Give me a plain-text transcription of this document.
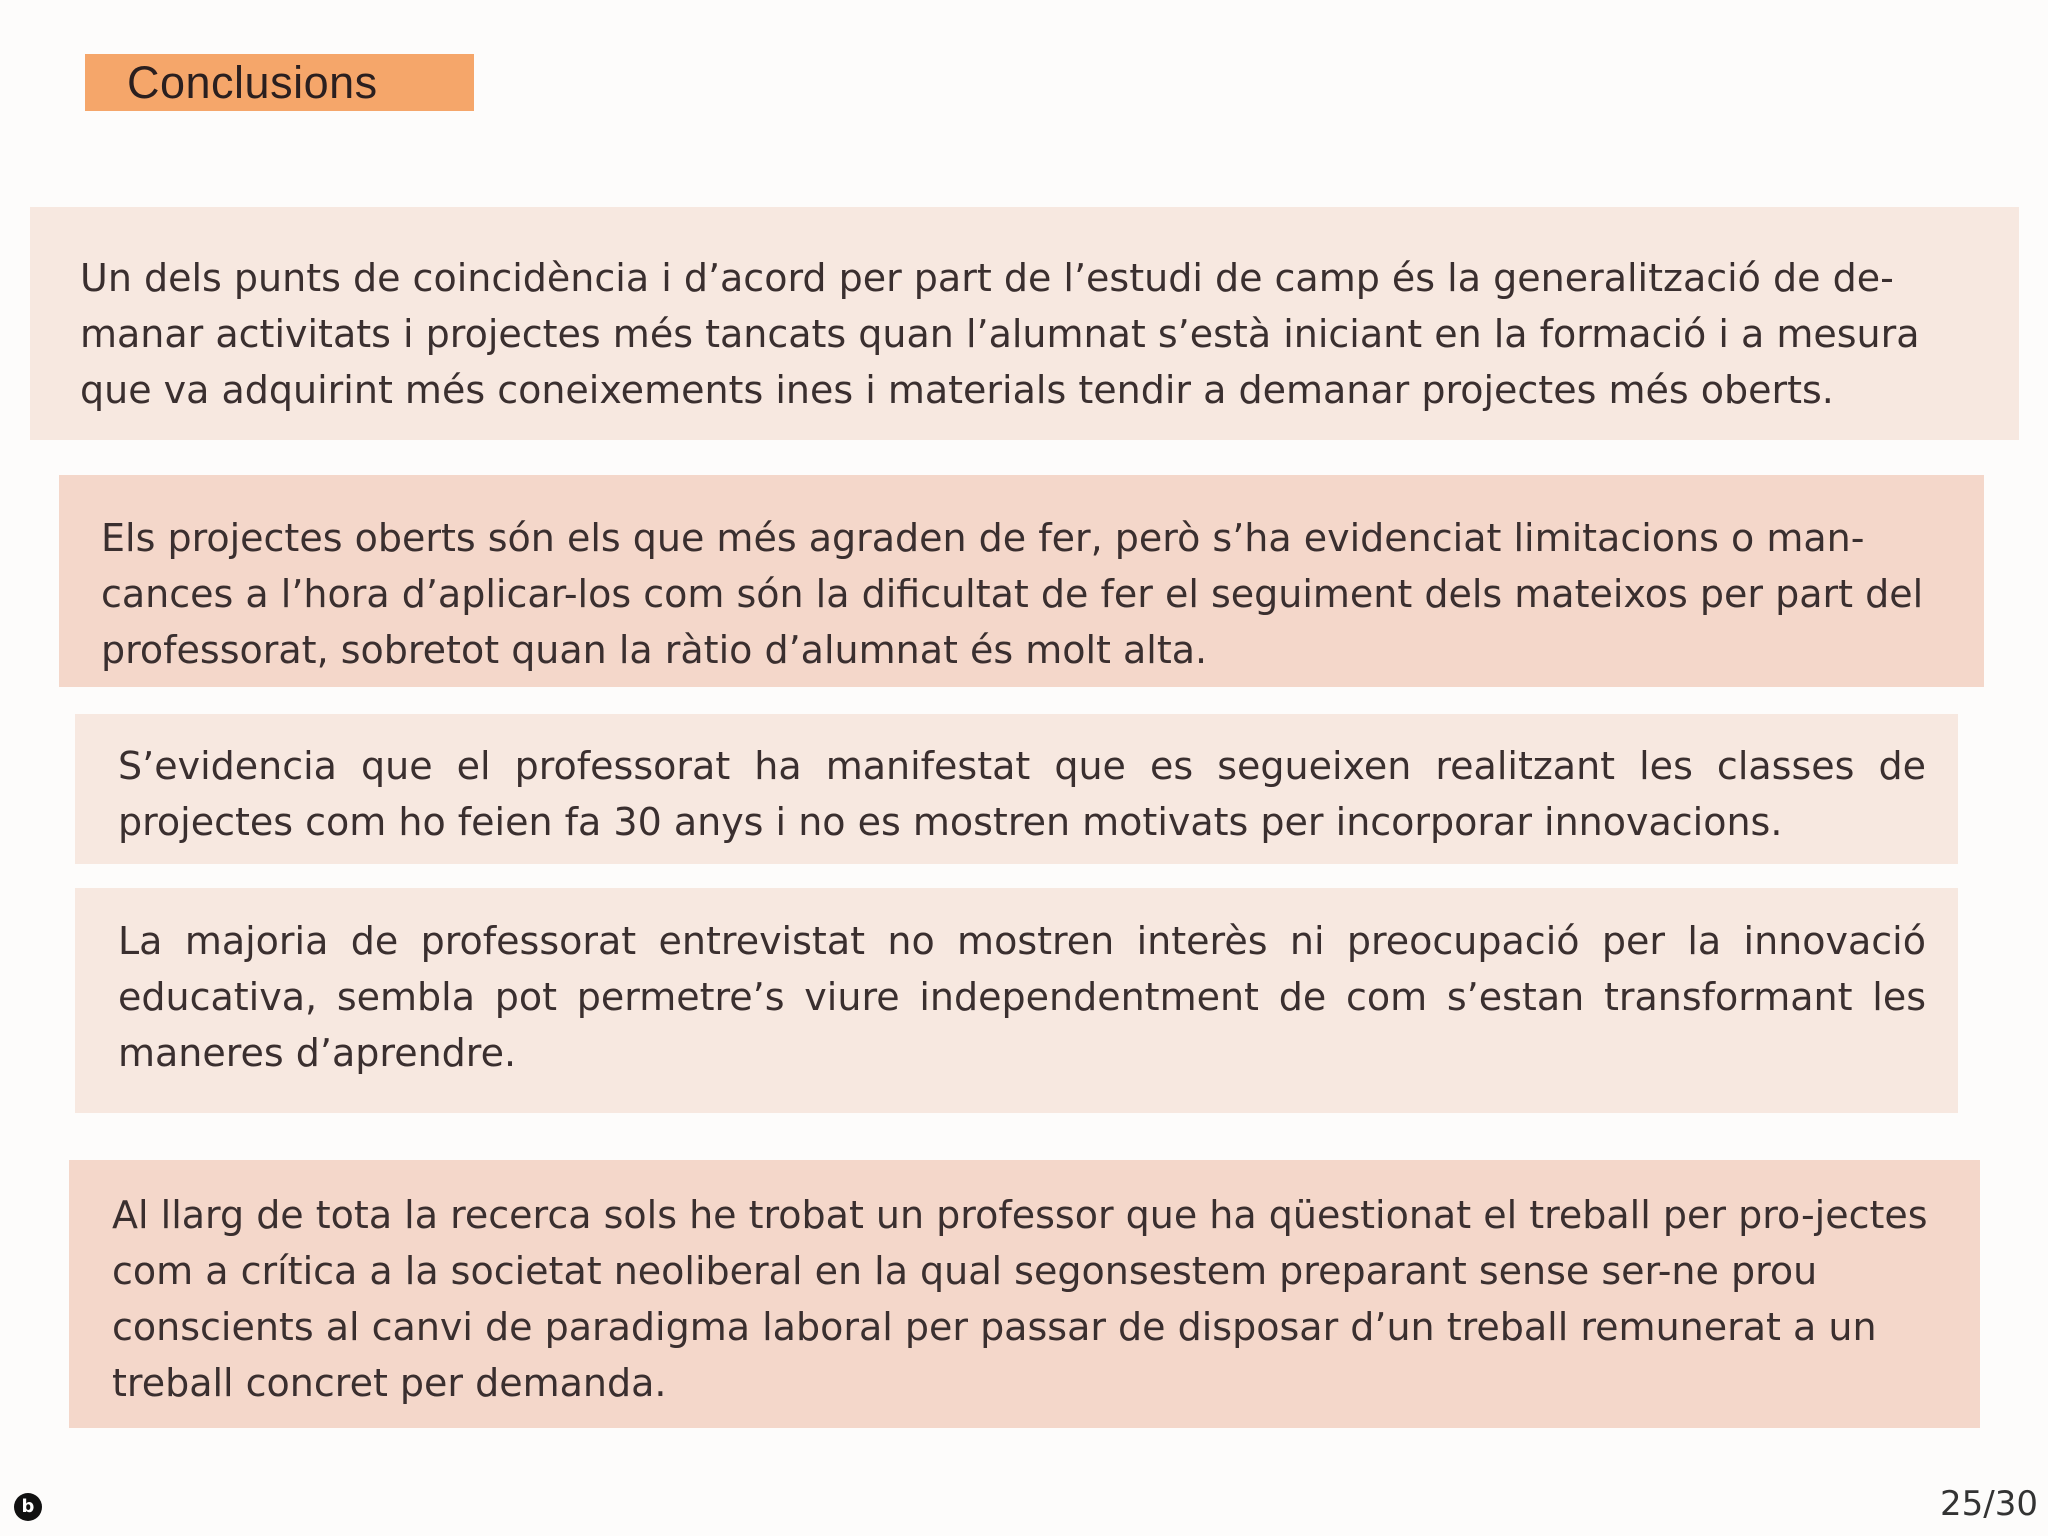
Conclusions

Un dels punts de coincidència i d’acord per part de l’estudi de camp és la generalització de de-manar activitats i projectes més tancats quan l’alumnat s’està iniciant en la formació i a mesura que va adquirint més coneixements ines i materials tendir a demanar projectes més oberts.

Els projectes oberts són els que més agraden de fer, però s’ha evidenciat limitacions o man-cances a l’hora d’aplicar-los com són la dificultat de fer el seguiment dels mateixos per part del professorat, sobretot quan la ràtio d’alumnat és molt alta.

S’evidencia que el professorat ha manifestat que es segueixen realitzant les classes de projectes com ho feien fa 30 anys i no es mostren motivats per incorporar innovacions.

La majoria de professorat entrevistat no mostren interès ni preocupació per la innovació educativa, sembla pot permetre’s viure independentment de com s’estan transformant les maneres d’aprendre.

Al llarg de tota la recerca sols he trobat un professor que ha qüestionat el treball per pro-jectes com a crítica a la societat neoliberal en la qual segonsestem preparant sense ser-ne prou conscients al canvi de paradigma laboral per passar de disposar d’un treball remunerat a un treball concret per demanda.

b	25/30
